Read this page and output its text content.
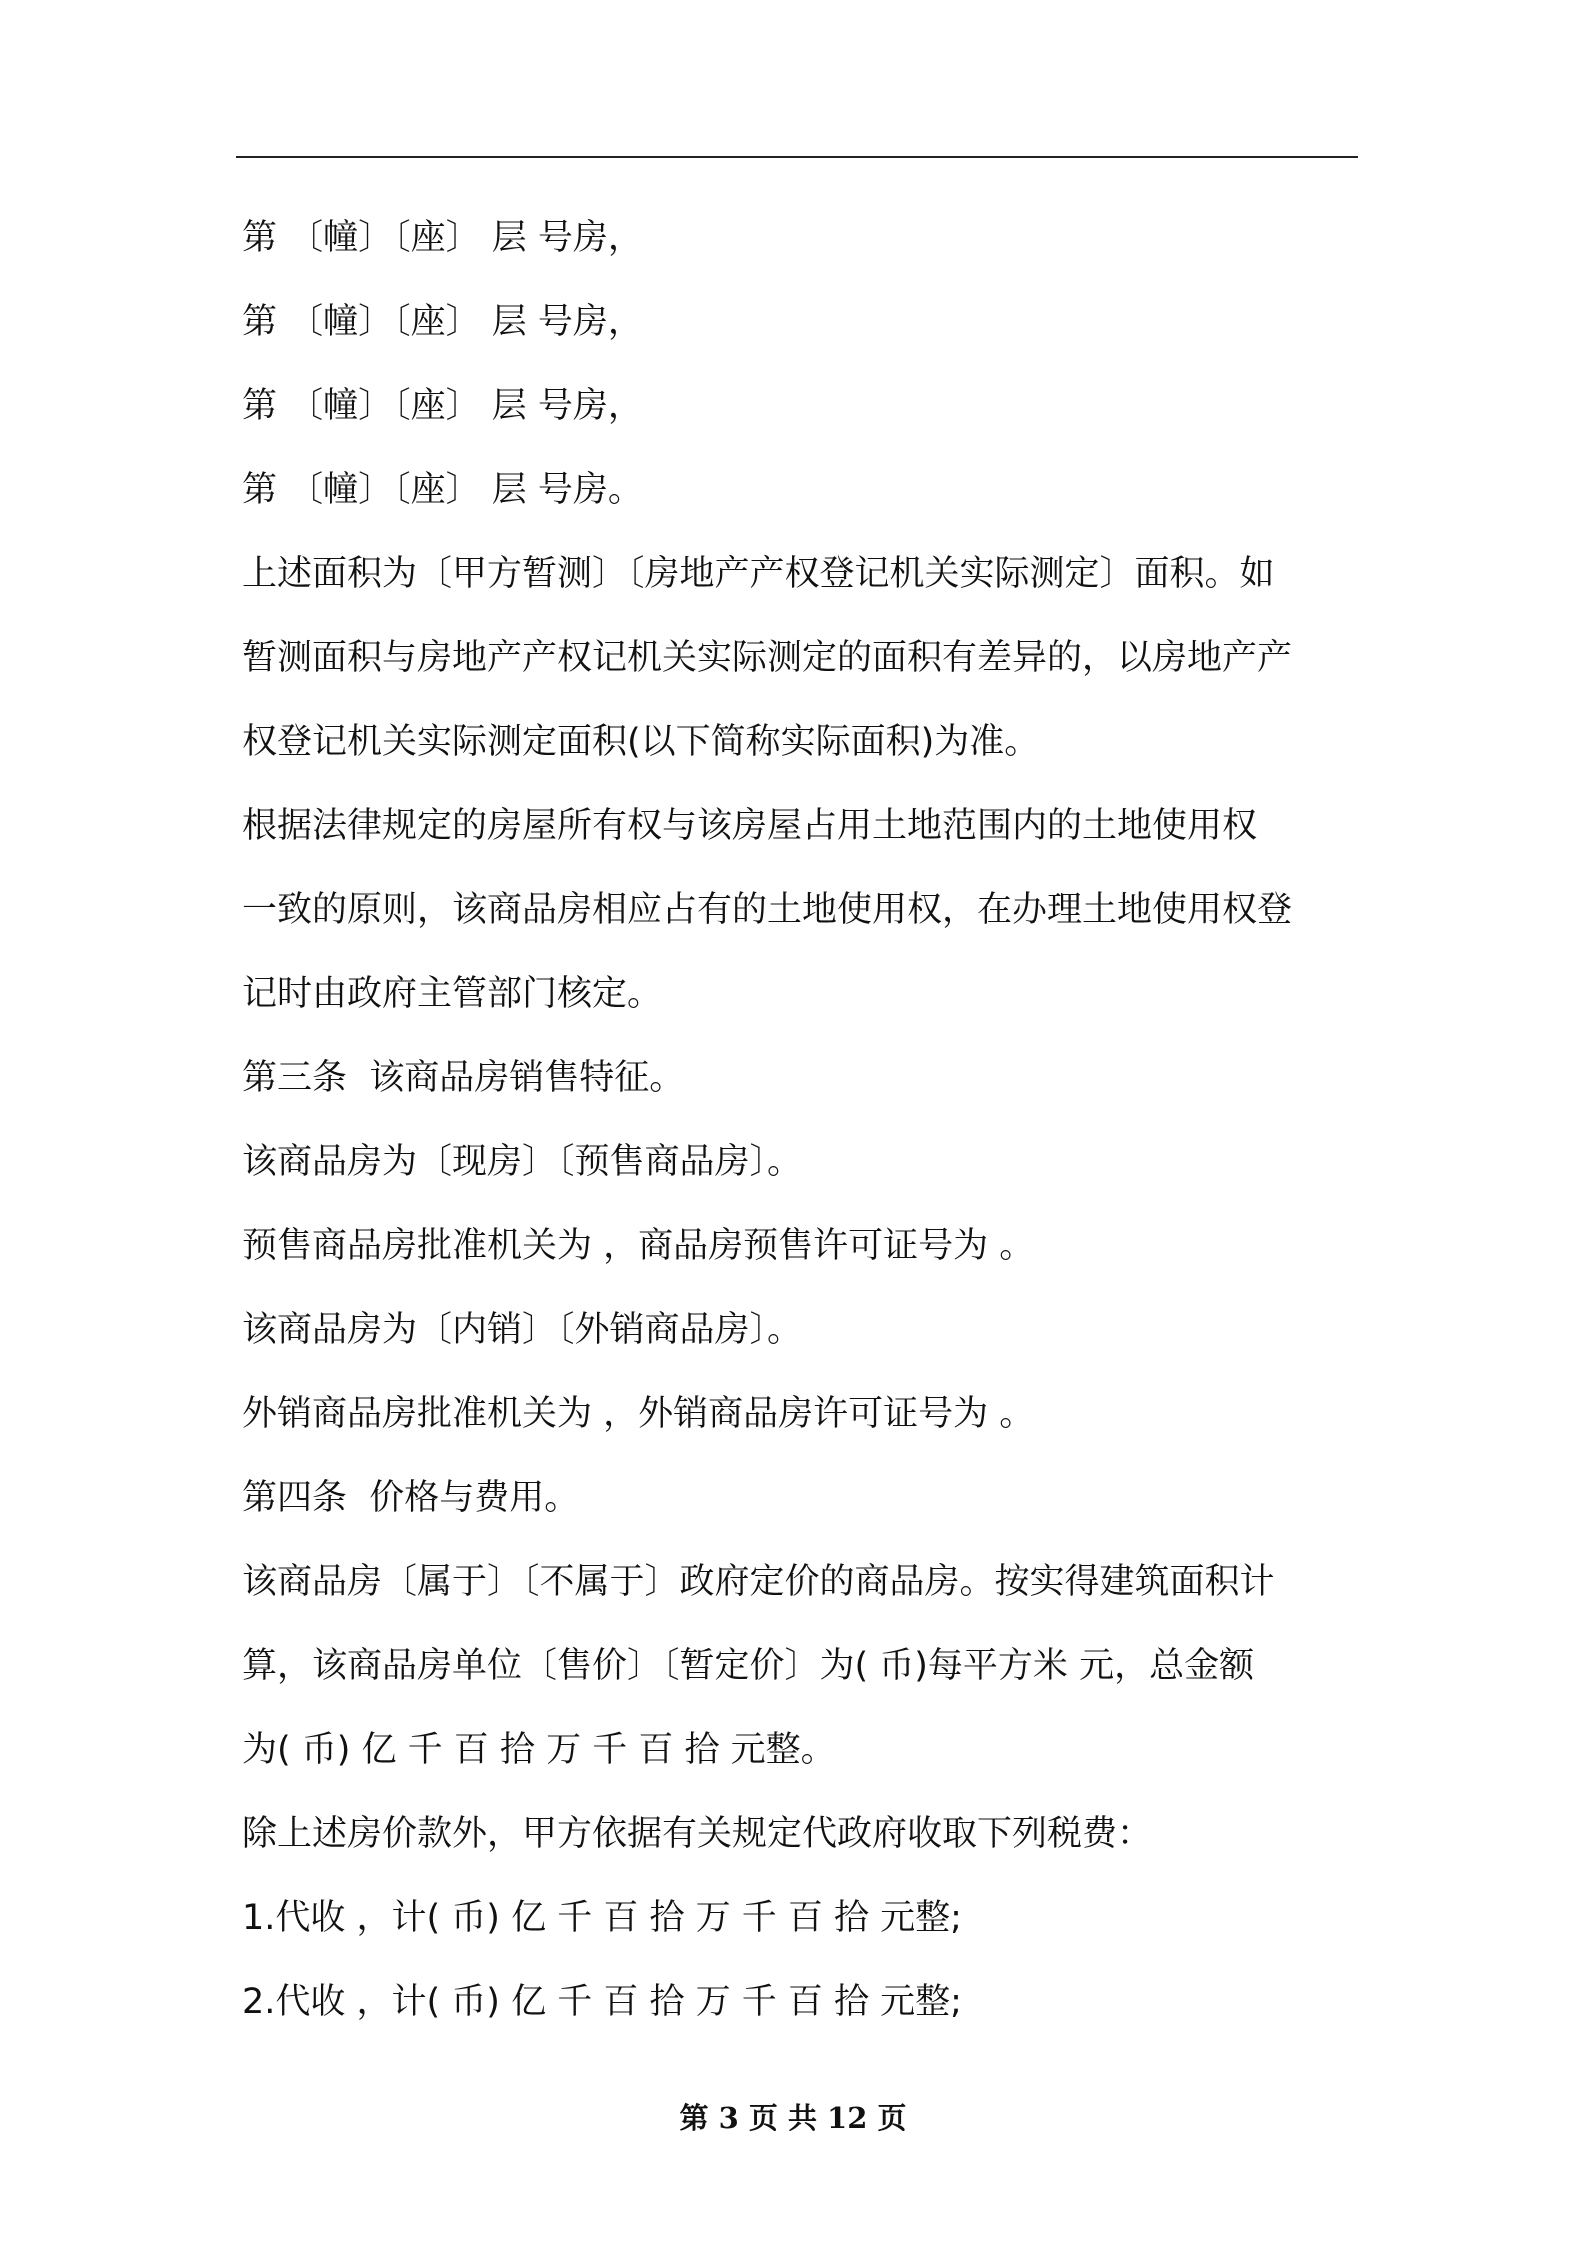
第 〔幢〕〔座〕 层 号房，
第 〔幢〕〔座〕 层 号房，
第 〔幢〕〔座〕 层 号房，
第 〔幢〕〔座〕 层 号房。
上述面积为〔甲方暂测〕〔房地产产权登记机关实际测定〕面积。如
暂测面积与房地产产权记机关实际测定的面积有差异的，以房地产产
权登记机关实际测定面积(以下简称实际面积)为准。
根据法律规定的房屋所有权与该房屋占用土地范围内的土地使用权
一致的原则，该商品房相应占有的土地使用权，在办理土地使用权登
记时由政府主管部门核定。
第三条  该商品房销售特征。
该商品房为〔现房〕〔预售商品房〕。
预售商品房批准机关为 ，商品房预售许可证号为 。
该商品房为〔内销〕〔外销商品房〕。
外销商品房批准机关为 ，外销商品房许可证号为 。
第四条  价格与费用。
该商品房〔属于〕〔不属于〕政府定价的商品房。按实得建筑面积计
算，该商品房单位〔售价〕〔暂定价〕为( 币)每平方米 元，总金额
为( 币) 亿 千 百 拾 万 千 百 拾 元整。
除上述房价款外，甲方依据有关规定代政府收取下列税费：
1.代收 ，计( 币) 亿 千 百 拾 万 千 百 拾 元整;
2.代收 ，计( 币) 亿 千 百 拾 万 千 百 拾 元整;
第 3 页 共 12 页
